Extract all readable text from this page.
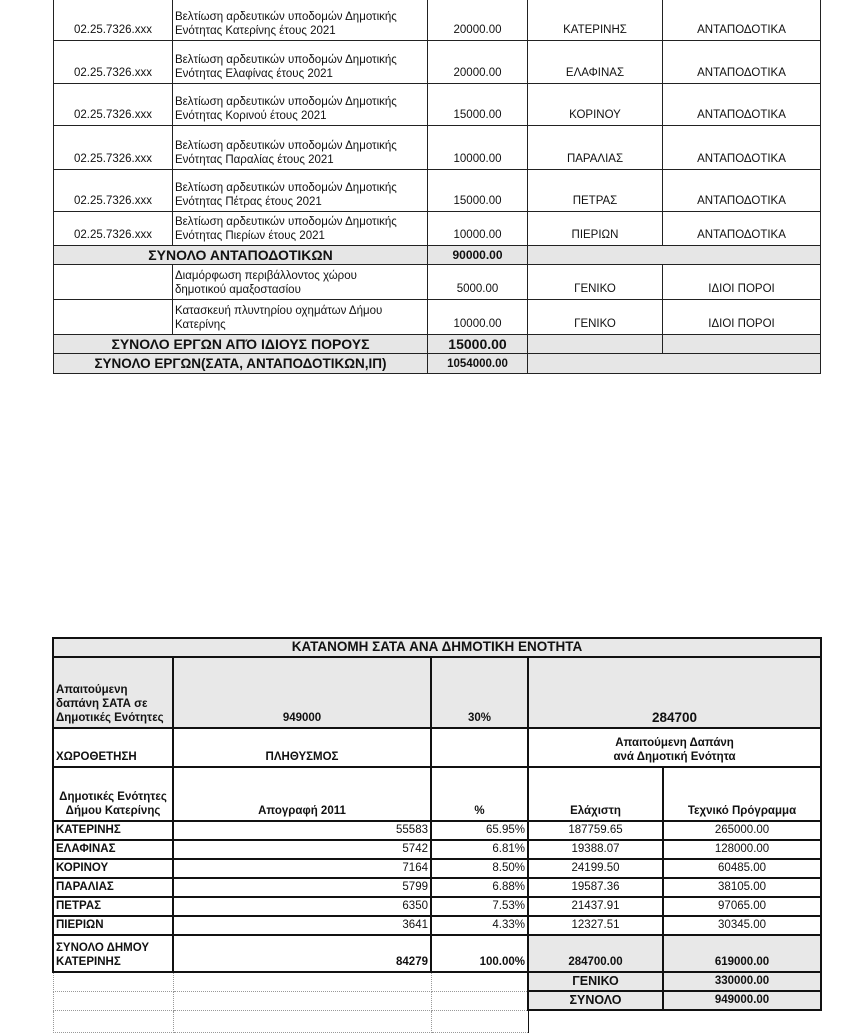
02.25.7326.xxx	Βελτίωση αρδευτικών υποδομών Δημοτικής
Ενότητας Κατερίνης έτους 2021	20000.00	ΚΑΤΕΡΙΝΗΣ	ΑΝΤΑΠΟΔΟΤΙΚΑ
02.25.7326.xxx	Βελτίωση αρδευτικών υποδομών Δημοτικής
Ενότητας Ελαφίνας έτους 2021	20000.00	ΕΛΑΦΙΝΑΣ	ΑΝΤΑΠΟΔΟΤΙΚΑ
02.25.7326.xxx	Βελτίωση αρδευτικών υποδομών Δημοτικής
Ενότητας Κορινού έτους 2021	15000.00	ΚΟΡΙΝΟΥ	ΑΝΤΑΠΟΔΟΤΙΚΑ
02.25.7326.xxx	Βελτίωση αρδευτικών υποδομών Δημοτικής
Ενότητας Παραλίας έτους 2021	10000.00	ΠΑΡΑΛΙΑΣ	ΑΝΤΑΠΟΔΟΤΙΚΑ
02.25.7326.xxx	Βελτίωση αρδευτικών υποδομών Δημοτικής
Ενότητας Πέτρας έτους 2021	15000.00	ΠΕΤΡΑΣ	ΑΝΤΑΠΟΔΟΤΙΚΑ
02.25.7326.xxx	Βελτίωση αρδευτικών υποδομών Δημοτικής
Ενότητας Πιερίων έτους 2021	10000.00	ΠΙΕΡΙΩΝ	ΑΝΤΑΠΟΔΟΤΙΚΑ
ΣΥΝΟΛΟ ΑΝΤΑΠΟΔΟΤΙΚΩΝ		90000.00		
	Διαμόρφωση περιβάλλοντος χώρου
δημοτικού αμαξοστασίου	5000.00	ΓΕΝΙΚΟ	ΙΔΙΟΙ ΠΟΡΟΙ
	Κατασκευή πλυντηρίου οχημάτων Δήμου
Κατερίνης	10000.00	ΓΕΝΙΚΟ	ΙΔΙΟΙ ΠΟΡΟΙ
ΣΥΝΟΛΟ ΕΡΓΩΝ ΑΠΌ ΙΔΙΟΥΣ ΠΟΡΟΥΣ		15000.00		
ΣΥΝΟΛΟ ΕΡΓΩΝ(ΣΑΤΑ, ΑΝΤΑΠΟΔΟΤΙΚΩΝ,ΙΠ)		1054000.00		
ΚΑΤΑΝΟΜΗ ΣΑΤΑ ΑΝΑ ΔΗΜΟΤΙΚΗ ΕΝΟΤΗΤΑ				
Απαιτούμενη
δαπάνη ΣΑΤΑ σε
Δημοτικές Ενότητες	949000	30%	284700	
ΧΩΡΟΘΕΤΗΣΗ	ΠΛΗΘΥΣΜΟΣ		Απαιτούμενη Δαπάνη
ανά Δημοτική Ενότητα	
Δημοτικές Ενότητες
Δήμου Κατερίνης	Απογραφή 2011	%	Ελάχιστη	Τεχνικό Πρόγραμμα
ΚΑΤΕΡΙΝΗΣ	55583	65.95%	187759.65	265000.00
ΕΛΑΦΙΝΑΣ	5742	6.81%	19388.07	128000.00
ΚΟΡΙΝΟΥ	7164	8.50%	24199.50	60485.00
ΠΑΡΑΛΙΑΣ	5799	6.88%	19587.36	38105.00
ΠΕΤΡΑΣ	6350	7.53%	21437.91	97065.00
ΠΙΕΡΙΩΝ	3641	4.33%	12327.51	30345.00
ΣΥΝΟΛΟ ΔΗΜΟΥ
ΚΑΤΕΡΙΝΗΣ	84279	100.00%	284700.00	619000.00
			ΓΕΝΙΚΟ	330000.00
			ΣΥΝΟΛΟ	949000.00
